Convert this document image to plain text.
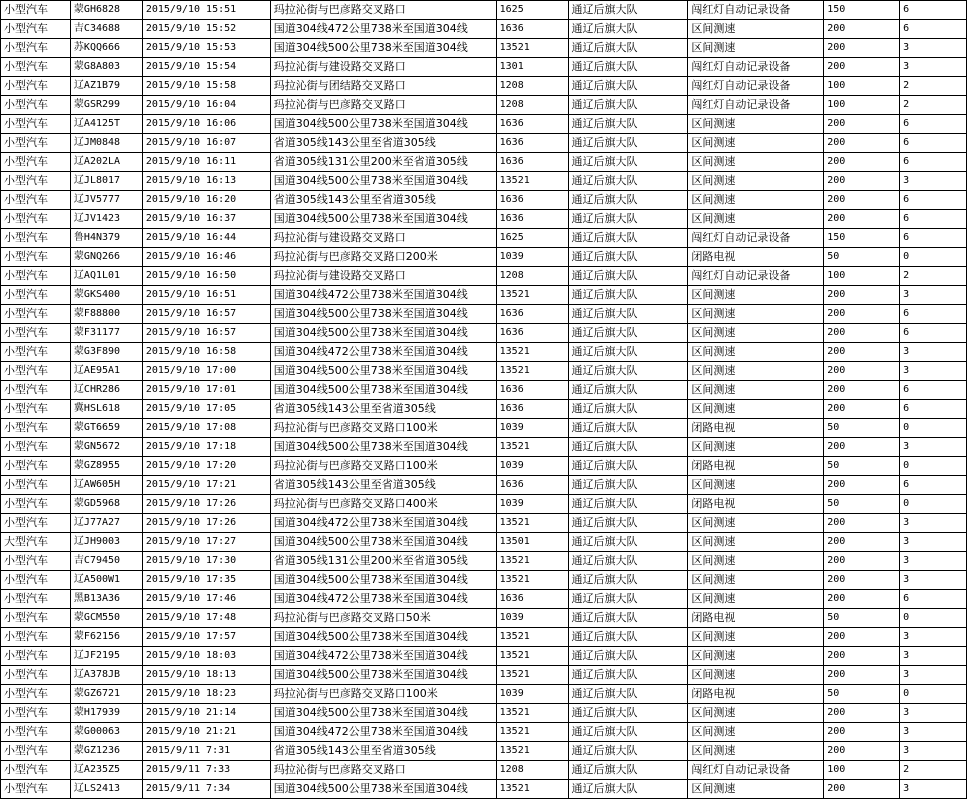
小型汽车	蒙GH6828	2015/9/10 15:51	玛拉沁街与巴彦路交叉路口	1625	通辽后旗大队	闯红灯自动记录设备	150	6
小型汽车	吉C34688	2015/9/10 15:52	国道304线472公里738米至国道304线	1636	通辽后旗大队	区间测速	200	6
小型汽车	苏KQQ666	2015/9/10 15:53	国道304线500公里738米至国道304线	13521	通辽后旗大队	区间测速	200	3
小型汽车	蒙G8A803	2015/9/10 15:54	玛拉沁街与建设路交叉路口	1301	通辽后旗大队	闯红灯自动记录设备	200	3
小型汽车	辽AZ1B79	2015/9/10 15:58	玛拉沁街与团结路交叉路口	1208	通辽后旗大队	闯红灯自动记录设备	100	2
小型汽车	蒙GSR299	2015/9/10 16:04	玛拉沁街与巴彦路交叉路口	1208	通辽后旗大队	闯红灯自动记录设备	100	2
小型汽车	辽A4125T	2015/9/10 16:06	国道304线500公里738米至国道304线	1636	通辽后旗大队	区间测速	200	6
小型汽车	辽JM0848	2015/9/10 16:07	省道305线143公里至省道305线	1636	通辽后旗大队	区间测速	200	6
小型汽车	辽A202LA	2015/9/10 16:11	省道305线131公里200米至省道305线	1636	通辽后旗大队	区间测速	200	6
小型汽车	辽JL8017	2015/9/10 16:13	国道304线500公里738米至国道304线	13521	通辽后旗大队	区间测速	200	3
小型汽车	辽JV5777	2015/9/10 16:20	省道305线143公里至省道305线	1636	通辽后旗大队	区间测速	200	6
小型汽车	辽JV1423	2015/9/10 16:37	国道304线500公里738米至国道304线	1636	通辽后旗大队	区间测速	200	6
小型汽车	鲁H4N379	2015/9/10 16:44	玛拉沁街与建设路交叉路口	1625	通辽后旗大队	闯红灯自动记录设备	150	6
小型汽车	蒙GNQ266	2015/9/10 16:46	玛拉沁街与巴彦路交叉路口200米	1039	通辽后旗大队	闭路电视	50	0
小型汽车	辽AQ1L01	2015/9/10 16:50	玛拉沁街与建设路交叉路口	1208	通辽后旗大队	闯红灯自动记录设备	100	2
小型汽车	蒙GKS400	2015/9/10 16:51	国道304线472公里738米至国道304线	13521	通辽后旗大队	区间测速	200	3
小型汽车	蒙F88800	2015/9/10 16:57	国道304线500公里738米至国道304线	1636	通辽后旗大队	区间测速	200	6
小型汽车	蒙F31177	2015/9/10 16:57	国道304线500公里738米至国道304线	1636	通辽后旗大队	区间测速	200	6
小型汽车	蒙G3F890	2015/9/10 16:58	国道304线472公里738米至国道304线	13521	通辽后旗大队	区间测速	200	3
小型汽车	辽AE95A1	2015/9/10 17:00	国道304线500公里738米至国道304线	13521	通辽后旗大队	区间测速	200	3
小型汽车	辽CHR286	2015/9/10 17:01	国道304线500公里738米至国道304线	1636	通辽后旗大队	区间测速	200	6
小型汽车	冀HSL618	2015/9/10 17:05	省道305线143公里至省道305线	1636	通辽后旗大队	区间测速	200	6
小型汽车	蒙GT6659	2015/9/10 17:08	玛拉沁街与巴彦路交叉路口100米	1039	通辽后旗大队	闭路电视	50	0
小型汽车	蒙GN5672	2015/9/10 17:18	国道304线500公里738米至国道304线	13521	通辽后旗大队	区间测速	200	3
小型汽车	蒙GZ8955	2015/9/10 17:20	玛拉沁街与巴彦路交叉路口100米	1039	通辽后旗大队	闭路电视	50	0
小型汽车	辽AW605H	2015/9/10 17:21	省道305线143公里至省道305线	1636	通辽后旗大队	区间测速	200	6
小型汽车	蒙GD5968	2015/9/10 17:26	玛拉沁街与巴彦路交叉路口400米	1039	通辽后旗大队	闭路电视	50	0
小型汽车	辽J77A27	2015/9/10 17:26	国道304线472公里738米至国道304线	13521	通辽后旗大队	区间测速	200	3
大型汽车	辽JH9003	2015/9/10 17:27	国道304线500公里738米至国道304线	13501	通辽后旗大队	区间测速	200	3
小型汽车	吉C79450	2015/9/10 17:30	省道305线131公里200米至省道305线	13521	通辽后旗大队	区间测速	200	3
小型汽车	辽A500W1	2015/9/10 17:35	国道304线500公里738米至国道304线	13521	通辽后旗大队	区间测速	200	3
小型汽车	黑B13A36	2015/9/10 17:46	国道304线472公里738米至国道304线	1636	通辽后旗大队	区间测速	200	6
小型汽车	蒙GCM550	2015/9/10 17:48	玛拉沁街与巴彦路交叉路口50米	1039	通辽后旗大队	闭路电视	50	0
小型汽车	蒙F62156	2015/9/10 17:57	国道304线500公里738米至国道304线	13521	通辽后旗大队	区间测速	200	3
小型汽车	辽JF2195	2015/9/10 18:03	国道304线472公里738米至国道304线	13521	通辽后旗大队	区间测速	200	3
小型汽车	辽A378JB	2015/9/10 18:13	国道304线500公里738米至国道304线	13521	通辽后旗大队	区间测速	200	3
小型汽车	蒙GZ6721	2015/9/10 18:23	玛拉沁街与巴彦路交叉路口100米	1039	通辽后旗大队	闭路电视	50	0
小型汽车	蒙H17939	2015/9/10 21:14	国道304线500公里738米至国道304线	13521	通辽后旗大队	区间测速	200	3
小型汽车	蒙G00063	2015/9/10 21:21	国道304线472公里738米至国道304线	13521	通辽后旗大队	区间测速	200	3
小型汽车	蒙GZ1236	2015/9/11 7:31	省道305线143公里至省道305线	13521	通辽后旗大队	区间测速	200	3
小型汽车	辽A235Z5	2015/9/11 7:33	玛拉沁街与巴彦路交叉路口	1208	通辽后旗大队	闯红灯自动记录设备	100	2
小型汽车	辽LS2413	2015/9/11 7:34	国道304线500公里738米至国道304线	13521	通辽后旗大队	区间测速	200	3
